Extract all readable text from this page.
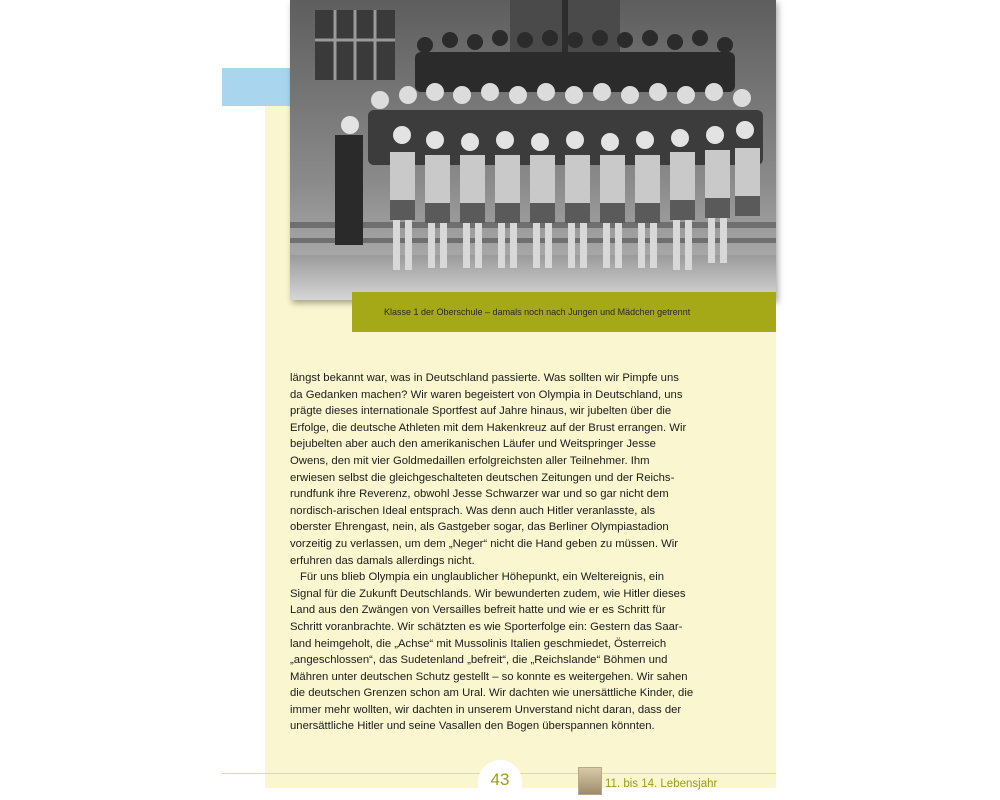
Klasse 1 der Oberschule – damals noch nach Jungen und Mädchen getrennt

längst bekannt war, was in Deutschland passierte. Was sollten wir Pimpfe uns

da Gedanken machen? Wir waren begeistert von Olympia in Deutschland, uns

prägte dieses internationale Sportfest auf Jahre hinaus, wir jubelten über die

Erfolge, die deutsche Athleten mit dem Hakenkreuz auf der Brust errangen. Wir

bejubelten aber auch den amerikanischen Läufer und Weitspringer Jesse

Owens, den mit vier Goldmedaillen erfolgreichsten aller Teilnehmer. Ihm

erwiesen selbst die gleichgeschalteten deutschen Zeitungen und der Reichs-

rundfunk ihre Reverenz, obwohl Jesse Schwarzer war und so gar nicht dem

nordisch-arischen Ideal entsprach. Was denn auch Hitler veranlasste, als

oberster Ehrengast, nein, als Gastgeber sogar, das Berliner Olympiastadion

vorzeitig zu verlassen, um dem „Neger“ nicht die Hand geben zu müssen. Wir

erfuhren das damals allerdings nicht.

Für uns blieb Olympia ein unglaublicher Höhepunkt, ein Weltereignis, ein

Signal für die Zukunft Deutschlands. Wir bewunderten zudem, wie Hitler dieses

Land aus den Zwängen von Versailles befreit hatte und wie er es Schritt für

Schritt voranbrachte. Wir schätzten es wie Sporterfolge ein: Gestern das Saar-

land heimgeholt, die „Achse“ mit Mussolinis Italien geschmiedet, Österreich

„angeschlossen“, das Sudetenland „befreit“, die „Reichslande“ Böhmen und

Mähren unter deutschen Schutz gestellt – so konnte es weitergehen. Wir sahen

die deutschen Grenzen schon am Ural. Wir dachten wie unersättliche Kinder, die

immer mehr wollten, wir dachten in unserem Unverstand nicht daran, dass der

unersättliche Hitler und seine Vasallen den Bogen überspannen könnten.

43	11. bis 14. Lebensjahr
